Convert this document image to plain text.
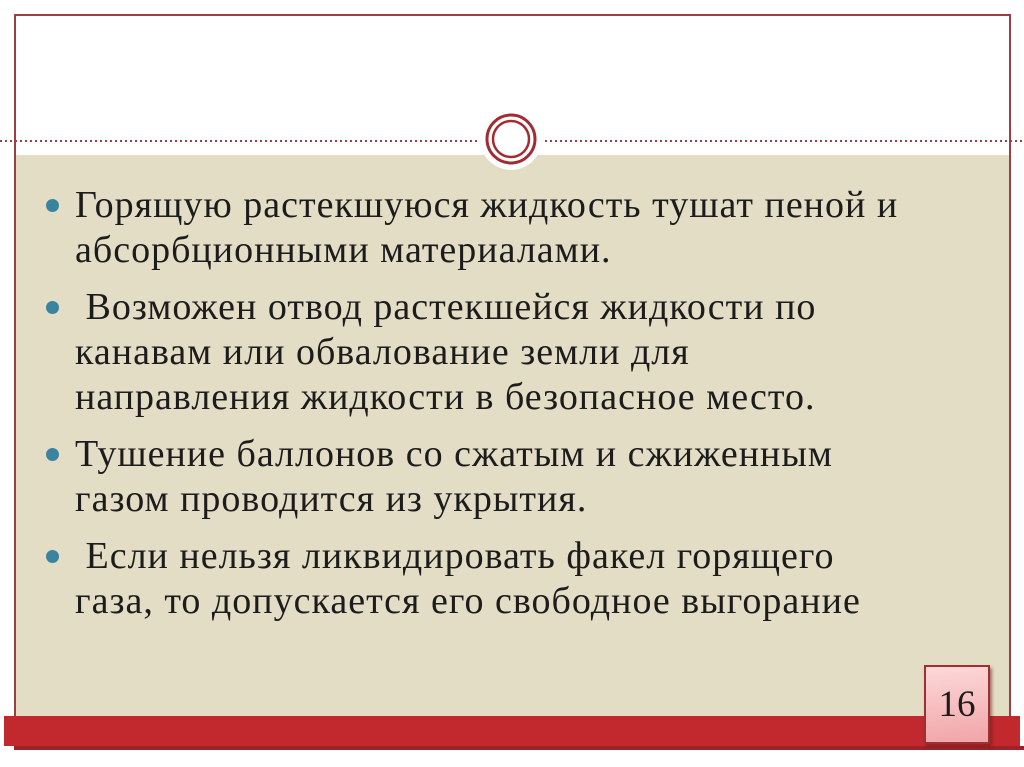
Горящую растекшуюся жидкость тушат пеной и
абсорбционными материалами.
Возможен отвод растекшейся жидкости по
канавам или обвалование земли для
направления жидкости в безопасное место.
Тушение баллонов со сжатым и сжиженным
газом проводится из укрытия.
Если нельзя ликвидировать факел горящего
газа, то допускается его свободное выгорание
16
